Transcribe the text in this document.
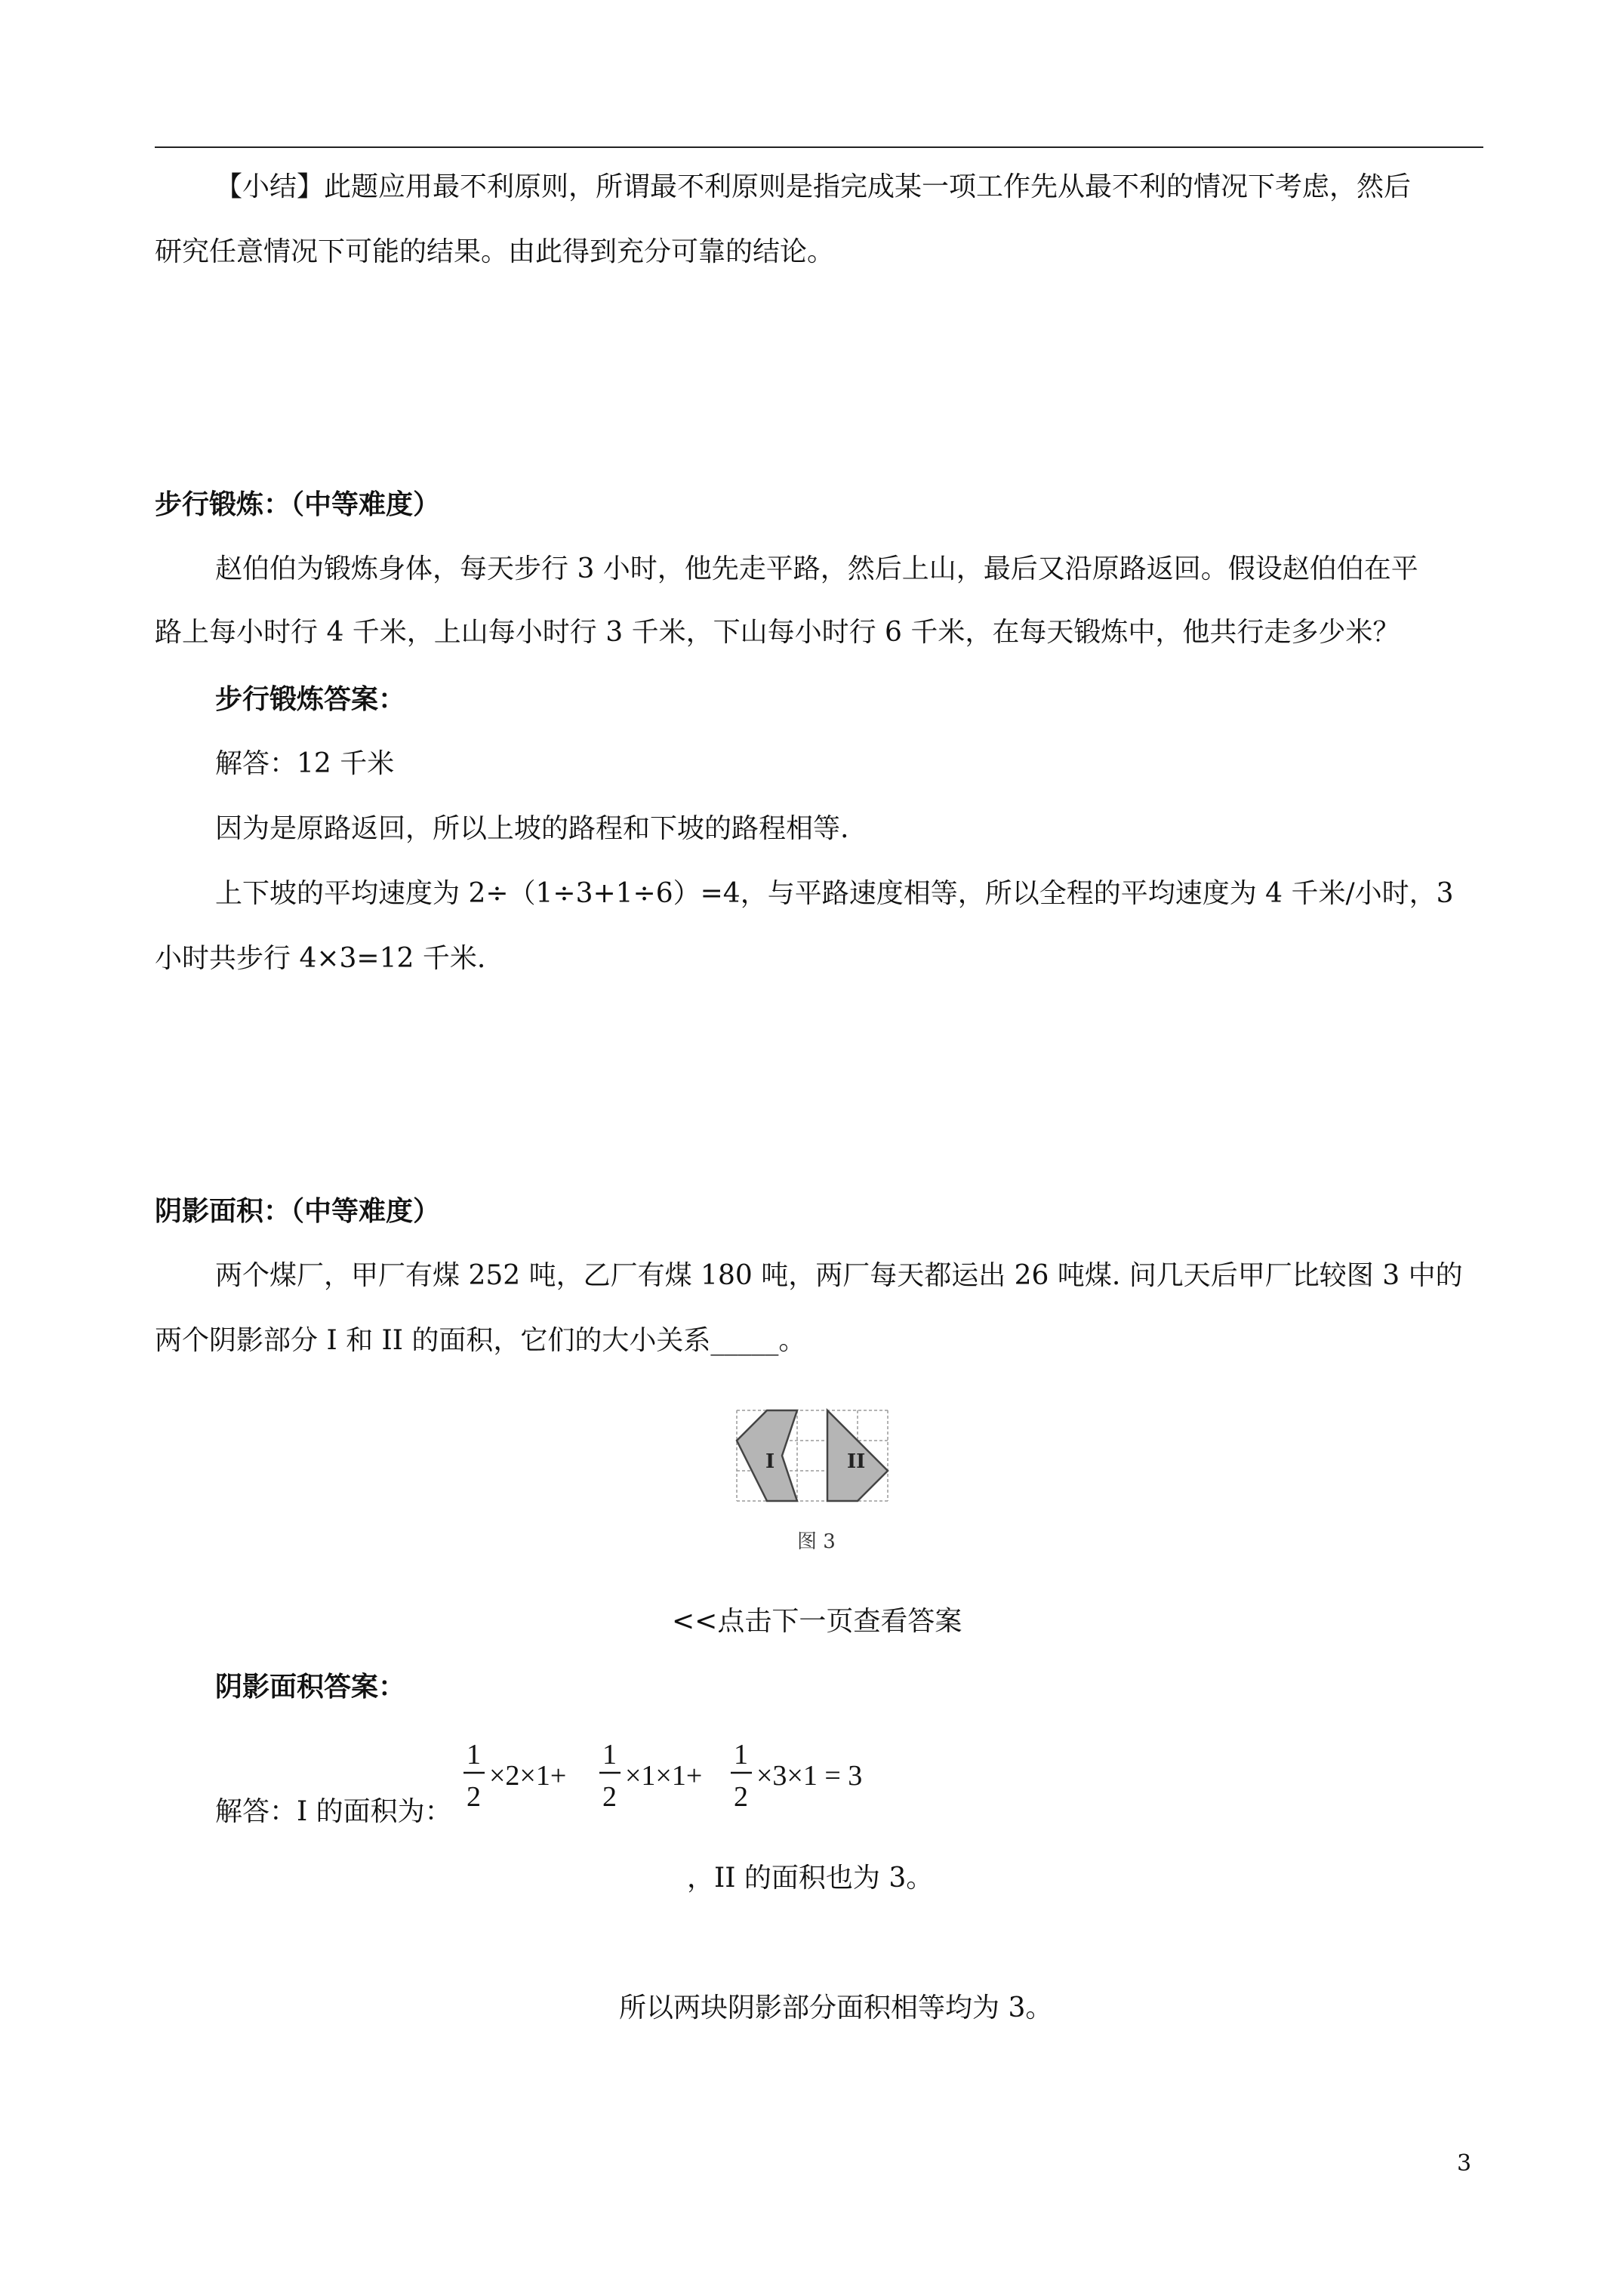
【小结】此题应用最不利原则，所谓最不利原则是指完成某一项工作先从最不利的情况下考虑，然后

研究任意情况下可能的结果。由此得到充分可靠的结论。

步行锻炼：（中等难度）

赵伯伯为锻炼身体，每天步行 3 小时，他先走平路，然后上山，最后又沿原路返回。假设赵伯伯在平

路上每小时行 4 千米，上山每小时行 3 千米，下山每小时行 6 千米，在每天锻炼中，他共行走多少米？

步行锻炼答案：

解答：12 千米

因为是原路返回，所以上坡的路程和下坡的路程相等.

上下坡的平均速度为 2÷（1÷3+1÷6）=4，与平路速度相等，所以全程的平均速度为 4 千米/小时，3

小时共步行 4×3=12 千米.

阴影面积：（中等难度）

两个煤厂，甲厂有煤 252 吨，乙厂有煤 180 吨，两厂每天都运出 26 吨煤. 问几天后甲厂比较图 3 中的

两个阴影部分 I 和 II 的面积，它们的大小关系_____。

I	II
图 3

<<点击下一页查看答案

阴影面积答案：

解答：I 的面积为：

1
2
×2×1+
1
2
×1×1+
1
2
×3×1 = 3

，II 的面积也为 3。

所以两块阴影部分面积相等均为 3。

3
